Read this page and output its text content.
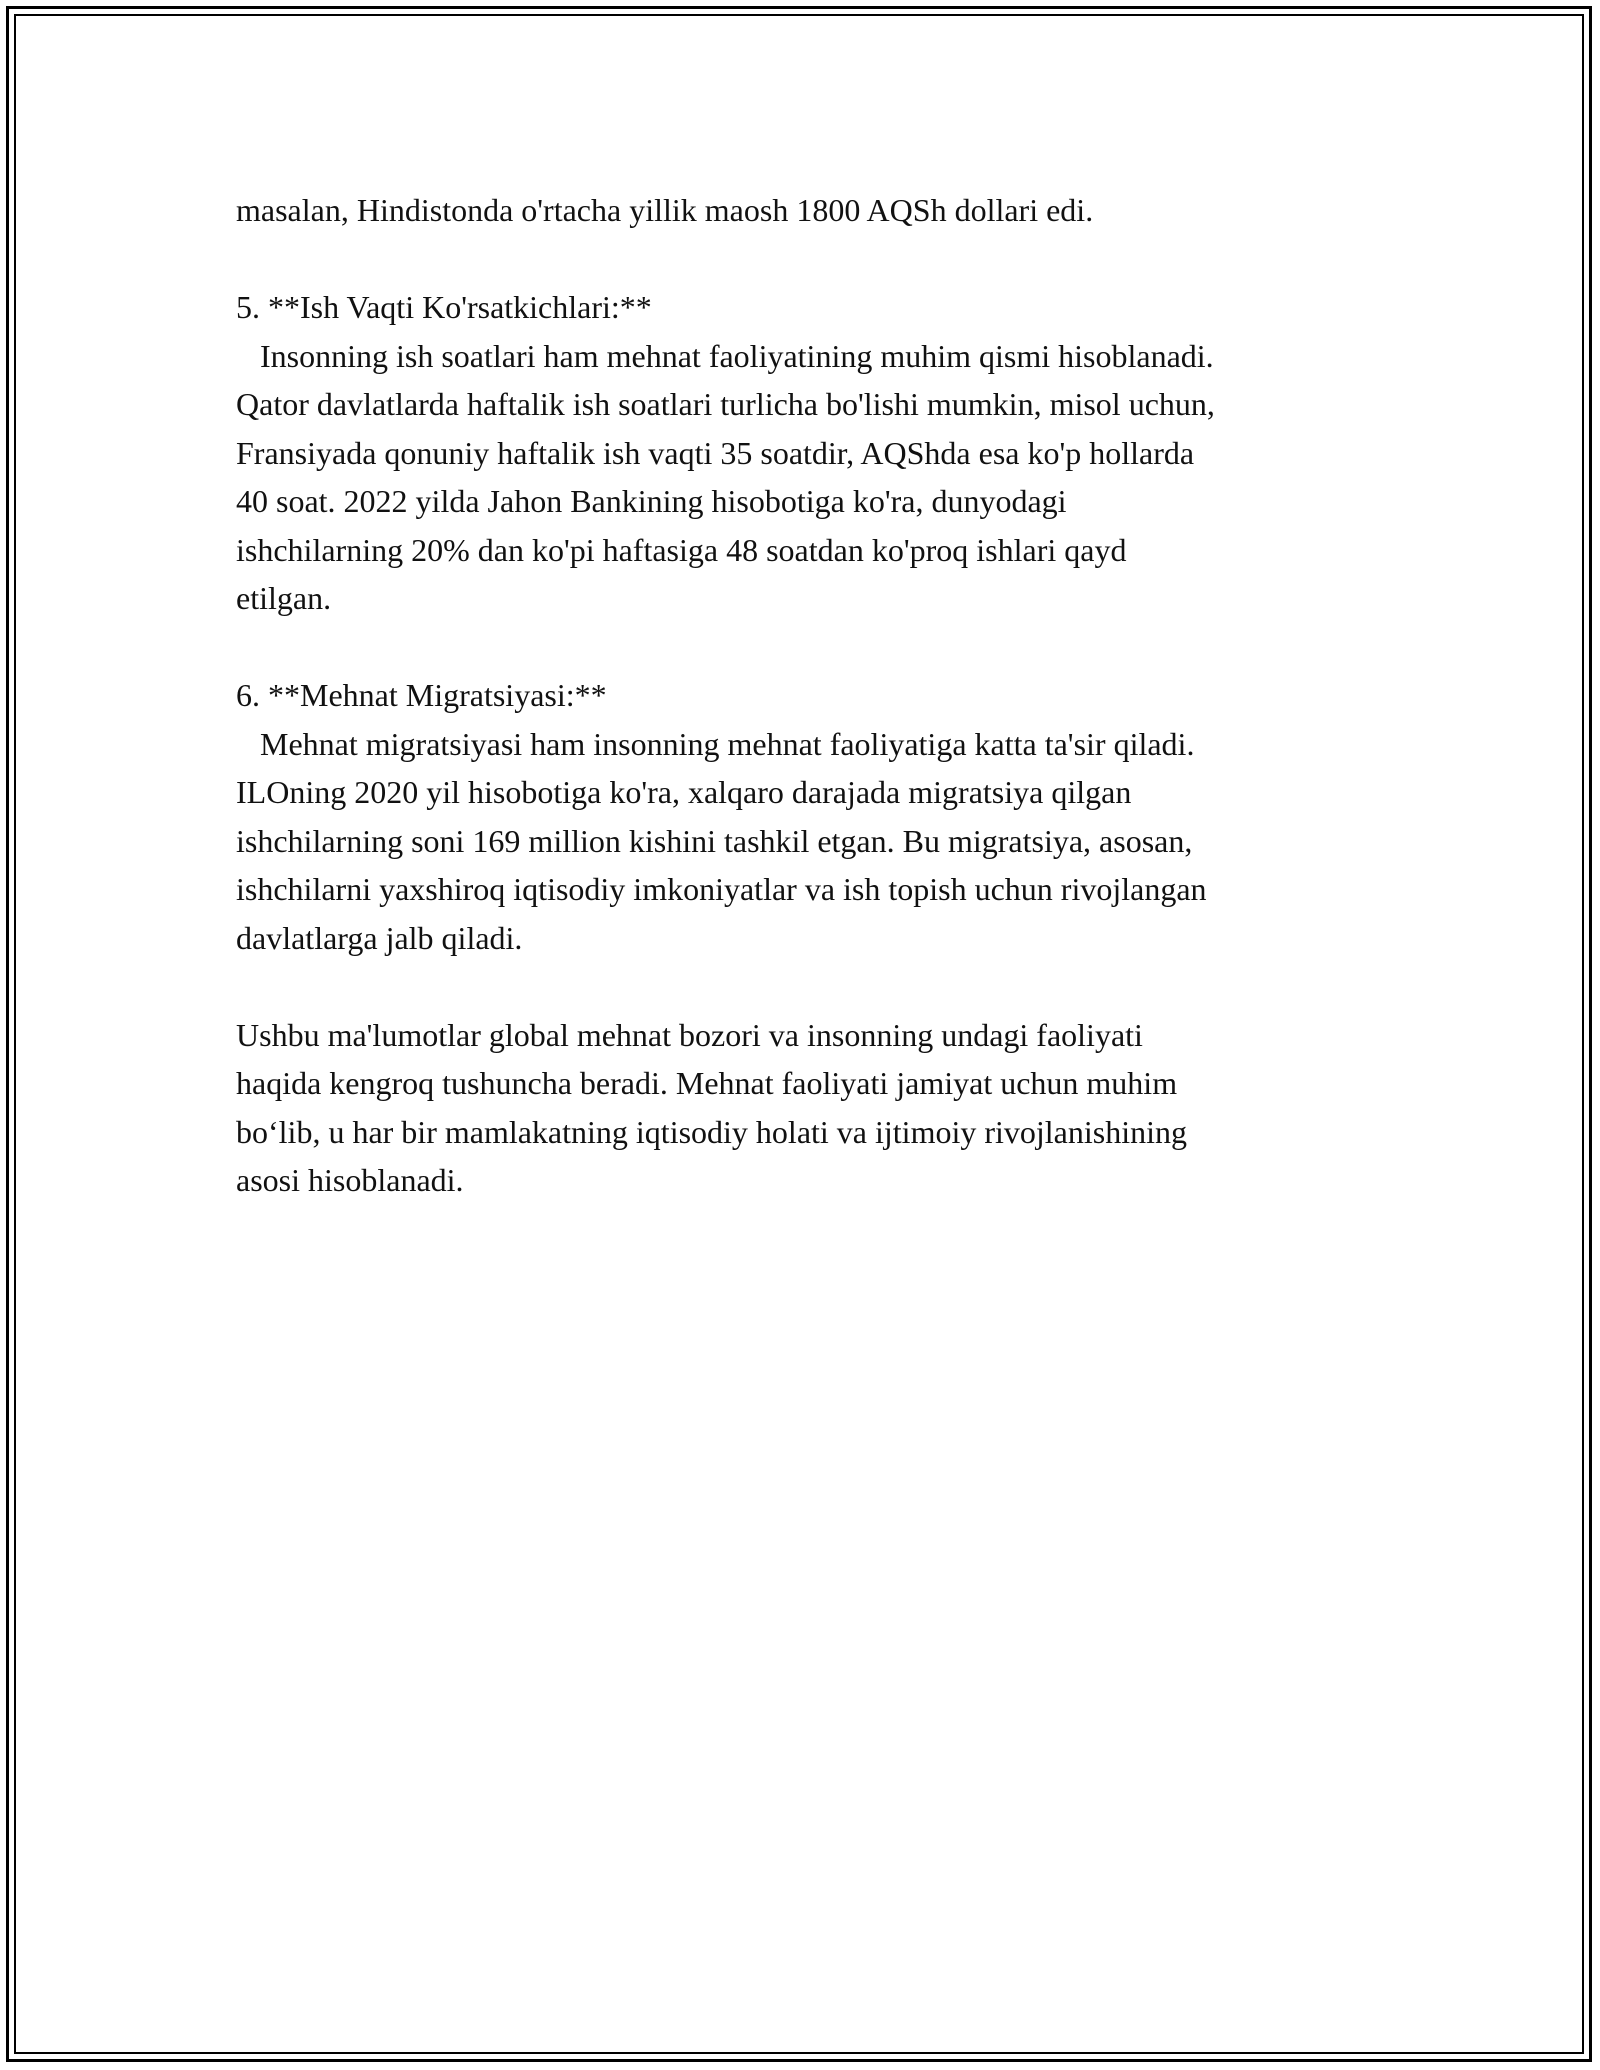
masalan, Hindistonda o'rtacha yillik maosh 1800 AQSh dollari edi.

5. **Ish Vaqti Ko'rsatkichlari:**

Insonning ish soatlari ham mehnat faoliyatining muhim qismi hisoblanadi.
Qator davlatlarda haftalik ish soatlari turlicha bo'lishi mumkin, misol uchun,
Fransiyada qonuniy haftalik ish vaqti 35 soatdir, AQShda esa ko'p hollarda
40 soat. 2022 yilda Jahon Bankining hisobotiga ko'ra, dunyodagi
ishchilarning 20% dan ko'pi haftasiga 48 soatdan ko'proq ishlari qayd
etilgan.

6. **Mehnat Migratsiyasi:**

Mehnat migratsiyasi ham insonning mehnat faoliyatiga katta ta'sir qiladi.
ILOning 2020 yil hisobotiga ko'ra, xalqaro darajada migratsiya qilgan
ishchilarning soni 169 million kishini tashkil etgan. Bu migratsiya, asosan,
ishchilarni yaxshiroq iqtisodiy imkoniyatlar va ish topish uchun rivojlangan
davlatlarga jalb qiladi.

Ushbu ma'lumotlar global mehnat bozori va insonning undagi faoliyati
haqida kengroq tushuncha beradi. Mehnat faoliyati jamiyat uchun muhim
bo‘lib, u har bir mamlakatning iqtisodiy holati va ijtimoiy rivojlanishining
asosi hisoblanadi.
